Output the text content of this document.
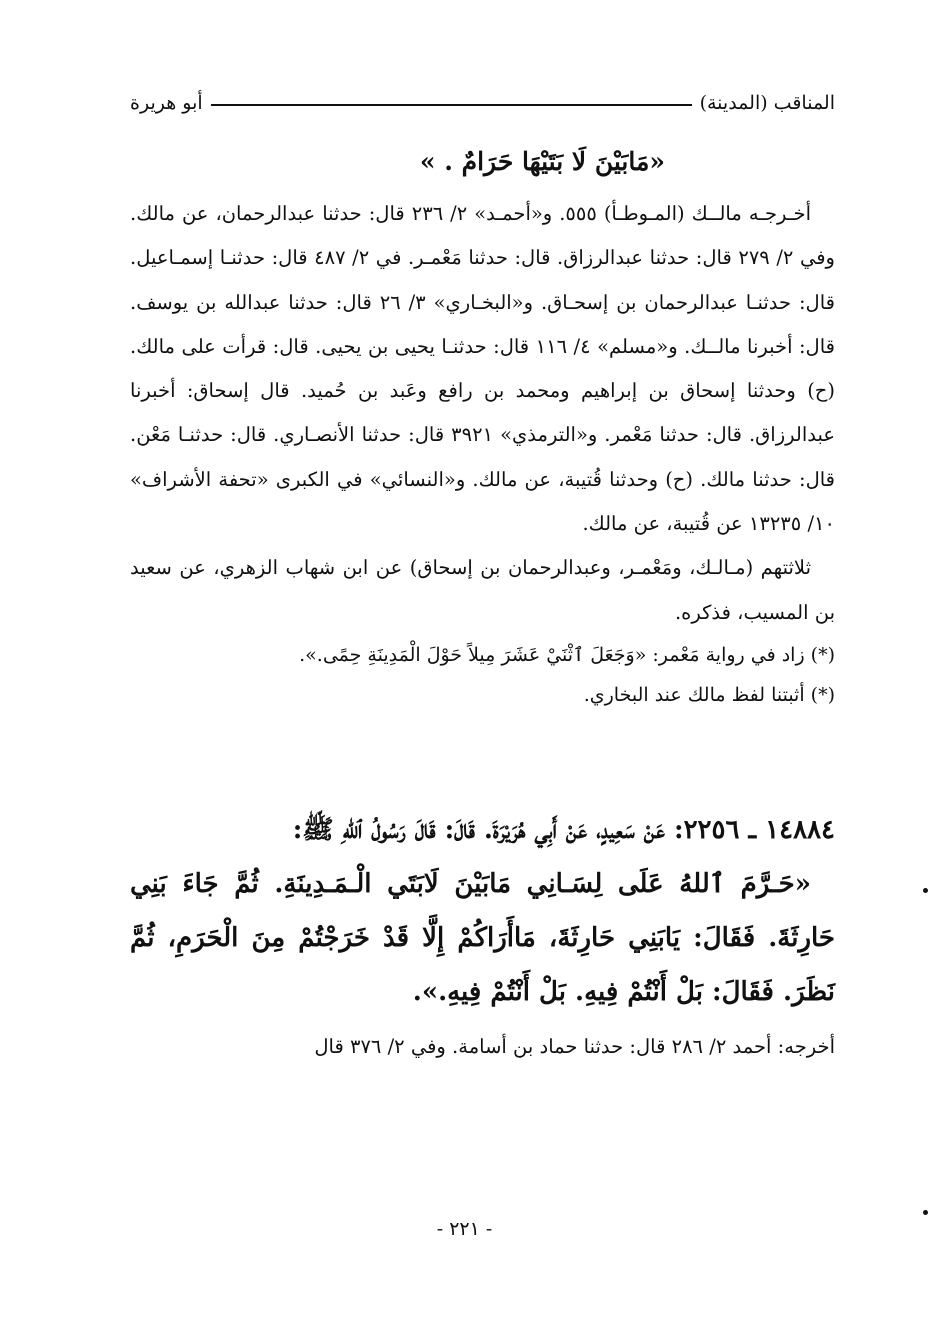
المناقب (المدينة)
أبو هريرة
«مَابَيْنَ لَا بَتَيْهَا حَرَامٌ . »

أخـرجـه مالــك (المـوطـأ) ٥٥٥. و«أحمـد» ٢/ ٢٣٦ قال: حدثنا عبدالرحمان، عن مالك. وفي ٢/ ٢٧٩ قال: حدثنا عبدالرزاق. قال: حدثنا مَعْمـر. في ٢/ ٤٨٧ قال: حدثنـا إسمـاعيل. قال: حدثنـا عبدالرحمان بن إسحـاق. و«البخـاري» ٣/ ٢٦ قال: حدثنا عبدالله بن يوسف. قال: أخبرنا مالــك. و«مسلم» ٤/ ١١٦ قال: حدثنـا يحيى بن يحيى. قال: قرأت على مالك. (ح) وحدثنا إسحاق بن إبراهيم ومحمد بن رافع وعَبد بن حُميد. قال إسحاق: أخبرنا عبدالرزاق. قال: حدثنا مَعْمر. و«الترمذي» ٣٩٢١ قال: حدثنا الأنصـاري. قال: حدثنـا مَعْن. قال: حدثنا مالك. (ح) وحدثنا قُتيبة، عن مالك. و«النسائي» في الكبرى «تحفة الأشراف» ١٠/ ١٣٢٣٥ عن قُتيبة، عن مالك.

ثلاثتهم (مـالـك، ومَعْمـر، وعبدالرحمان بن إسحاق) عن ابن شهاب الزهري، عن سعيد بن المسيب، فذكره.

(*) زاد في رواية مَعْمر: «وَجَعَلَ ٱثْنَيْ عَشَرَ مِيلاً حَوْلَ الْمَدِينَةِ حِمًى.».

(*) أثبتنا لفظ مالك عند البخاري.

١٤٨٨٤ ـ ٢٢٥٦: عَنْ سَعِيدٍ، عَنْ أَبِي هُرَيْرَةَ. قَالَ: قَالَ رَسُولُ ٱللهِ ﷺ:

«حَـرَّمَ ٱللهُ عَلَى لِسَـانِي مَابَيْنَ لَابَتَي الْـمَـدِينَةِ. ثُمَّ جَاءَ بَنِي حَارِثَةَ. فَقَالَ: يَابَنِي حَارِثَةَ، مَاأَرَاكُمْ إِلَّا قَدْ خَرَجْتُمْ مِنَ الْحَرَمِ، ثُمَّ نَظَرَ. فَقَالَ: بَلْ أَنْتُمْ فِيهِ. بَلْ أَنْتُمْ فِيهِ.».

أخرجه: أحمد ٢/ ٢٨٦ قال: حدثنا حماد بن أسامة. وفي ٢/ ٣٧٦ قال

- ٢٢١ -
